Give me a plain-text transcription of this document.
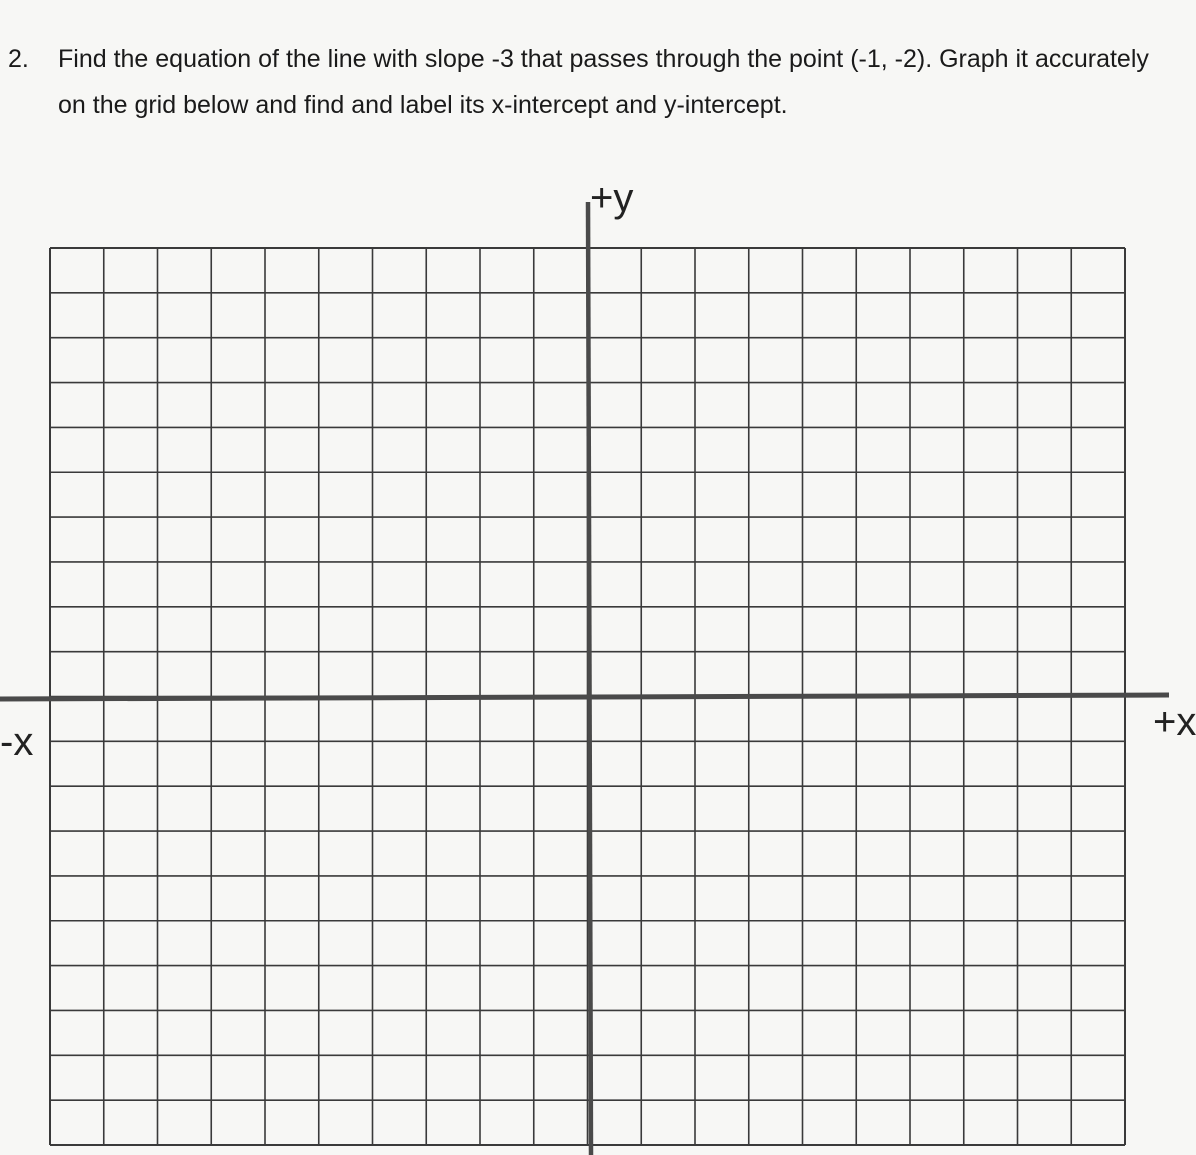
2. Find the equation of the line with slope -3 that passes through the point (-1, -2). Graph it accurately on the grid below and find and label its x-intercept and y-intercept.
+y
-x	+x
